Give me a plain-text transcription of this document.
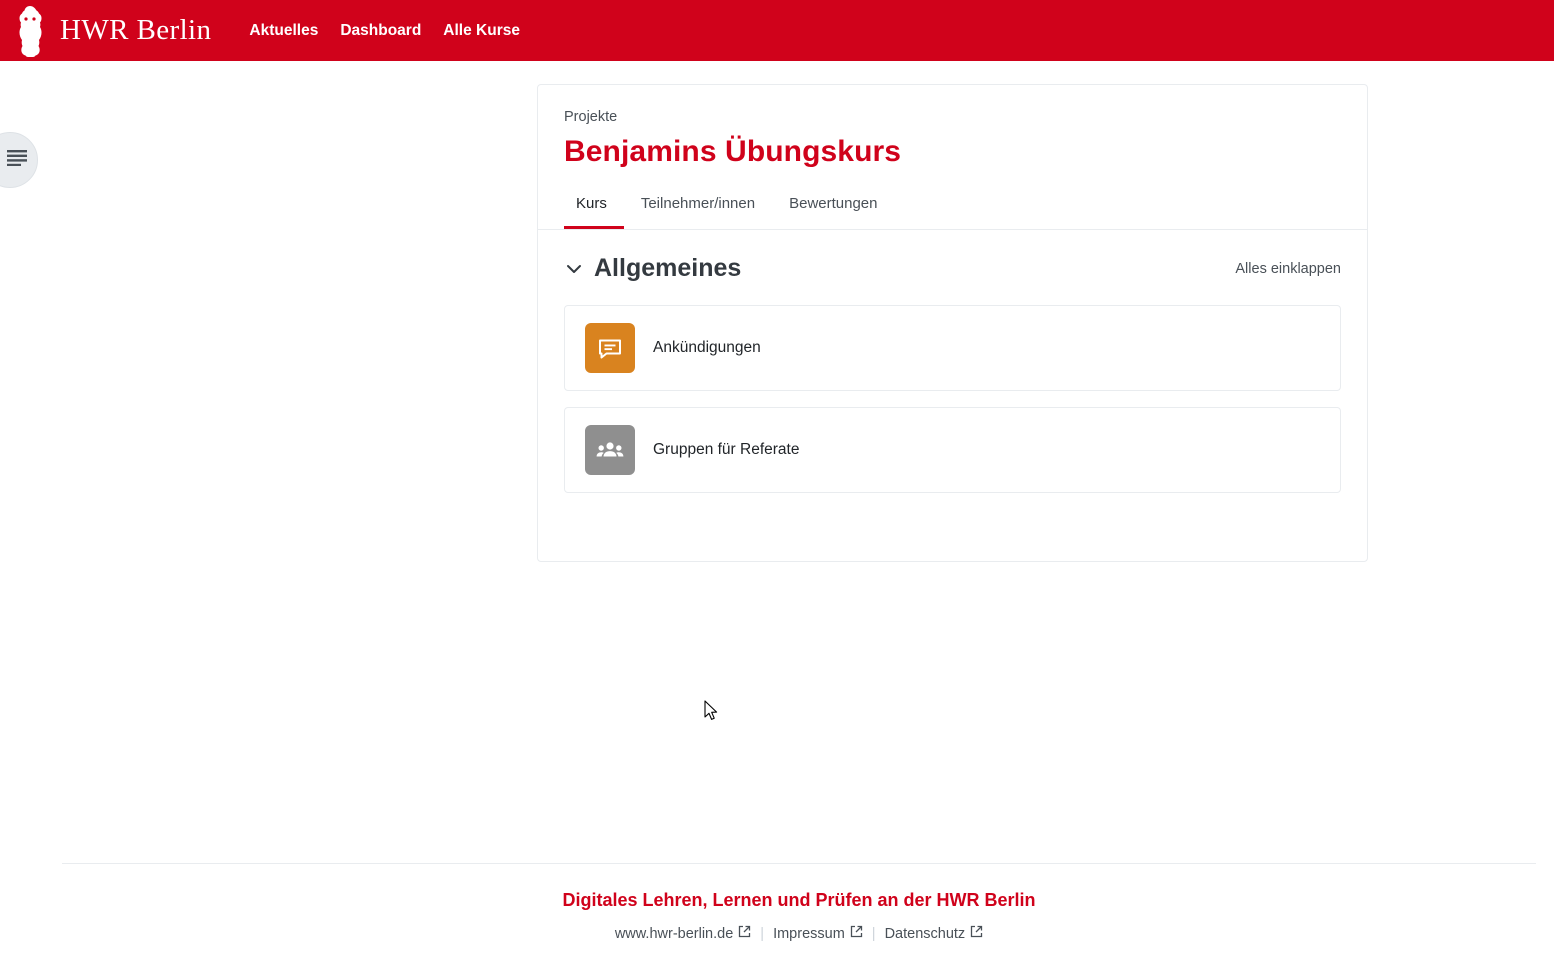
HWR Berlin Aktuelles Dashboard Alle Kurse
Projekte
Benjamins Übungskurs
Kurs	Teilnehmer/innen	Bewertungen
Allgemeines	Alles einklappen
Ankündigungen
Gruppen für Referate
Digitales Lehren, Lernen und Prüfen an der HWR Berlin
www.hwr-berlin.de | Impressum | Datenschutz
